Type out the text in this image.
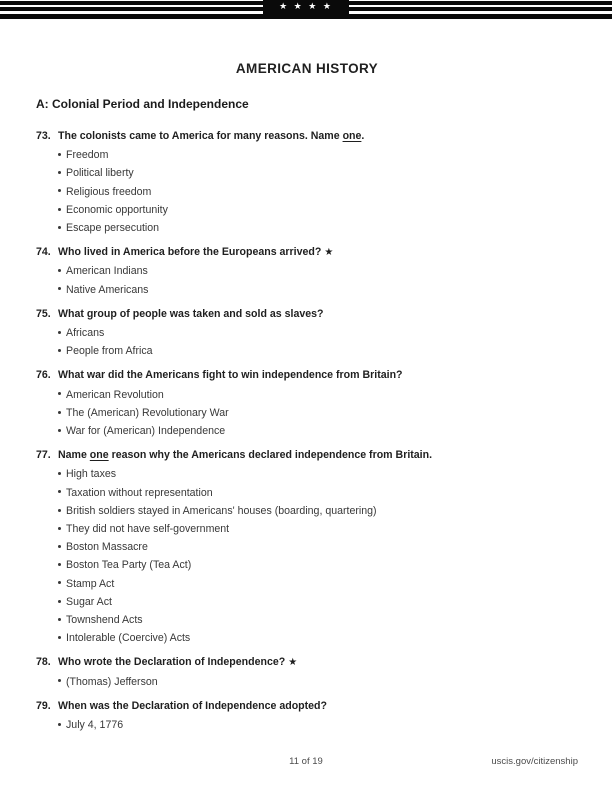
★ ★ ★ ★
AMERICAN HISTORY
A: Colonial Period and Independence
73. The colonists came to America for many reasons. Name one.

Freedom
Political liberty
Religious freedom
Economic opportunity
Escape persecution
74. Who lived in America before the Europeans arrived? ★

American Indians
Native Americans
75. What group of people was taken and sold as slaves?

Africans
People from Africa
76. What war did the Americans fight to win independence from Britain?

American Revolution
The (American) Revolutionary War
War for (American) Independence
77. Name one reason why the Americans declared independence from Britain.

High taxes
Taxation without representation
British soldiers stayed in Americans' houses (boarding, quartering)
They did not have self-government
Boston Massacre
Boston Tea Party (Tea Act)
Stamp Act
Sugar Act
Townshend Acts
Intolerable (Coercive) Acts
78. Who wrote the Declaration of Independence? ★

(Thomas) Jefferson
79. When was the Declaration of Independence adopted?

July 4, 1776
11 of 19	uscis.gov/citizenship
